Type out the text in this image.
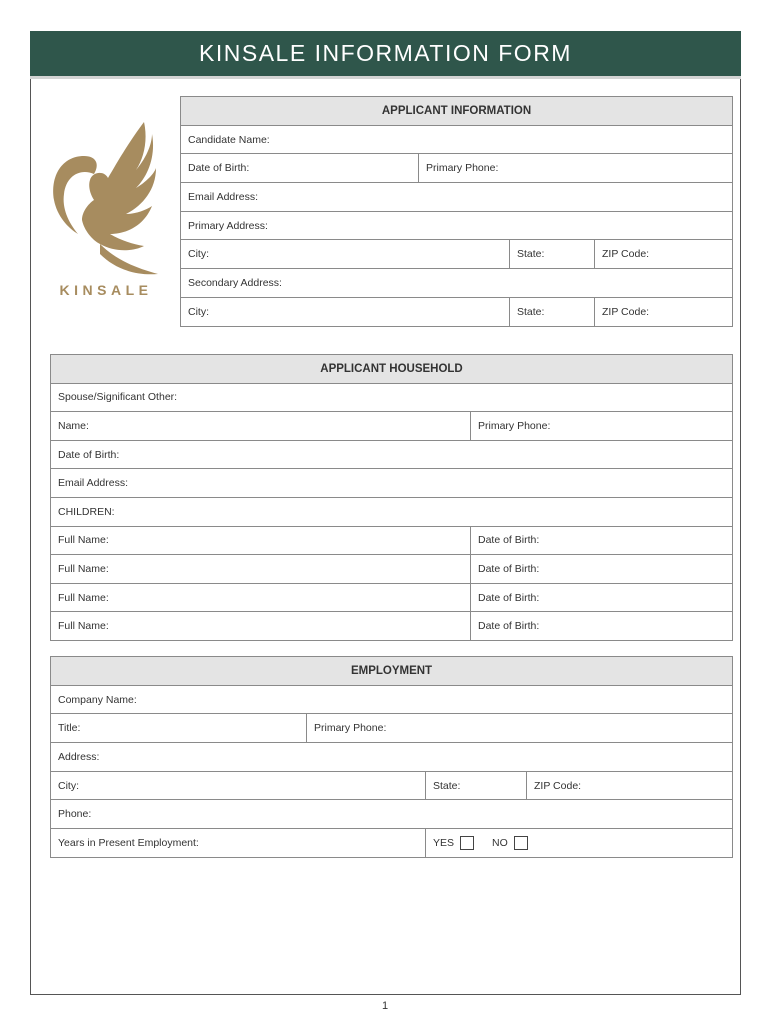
KINSALE INFORMATION FORM
KINSALE
APPLICANT INFORMATION			
Candidate Name:			
Date of Birth:	Primary Phone:		
Email Address:			
Primary Address:			
City:		State:	ZIP Code:
Secondary Address:			
City:		State:	ZIP Code:
APPLICANT HOUSEHOLD	
Spouse/Significant Other:	
Name:	Primary Phone:
Date of Birth:	
Email Address:	
CHILDREN:	
Full Name:	Date of Birth:
Full Name:	Date of Birth:
Full Name:	Date of Birth:
Full Name:	Date of Birth:
EMPLOYMENT			
Company Name:			
Title:	Primary Phone:		
Address:			
City:		State:	ZIP Code:
Phone:			
Years in Present Employment:		YES NO	
1
